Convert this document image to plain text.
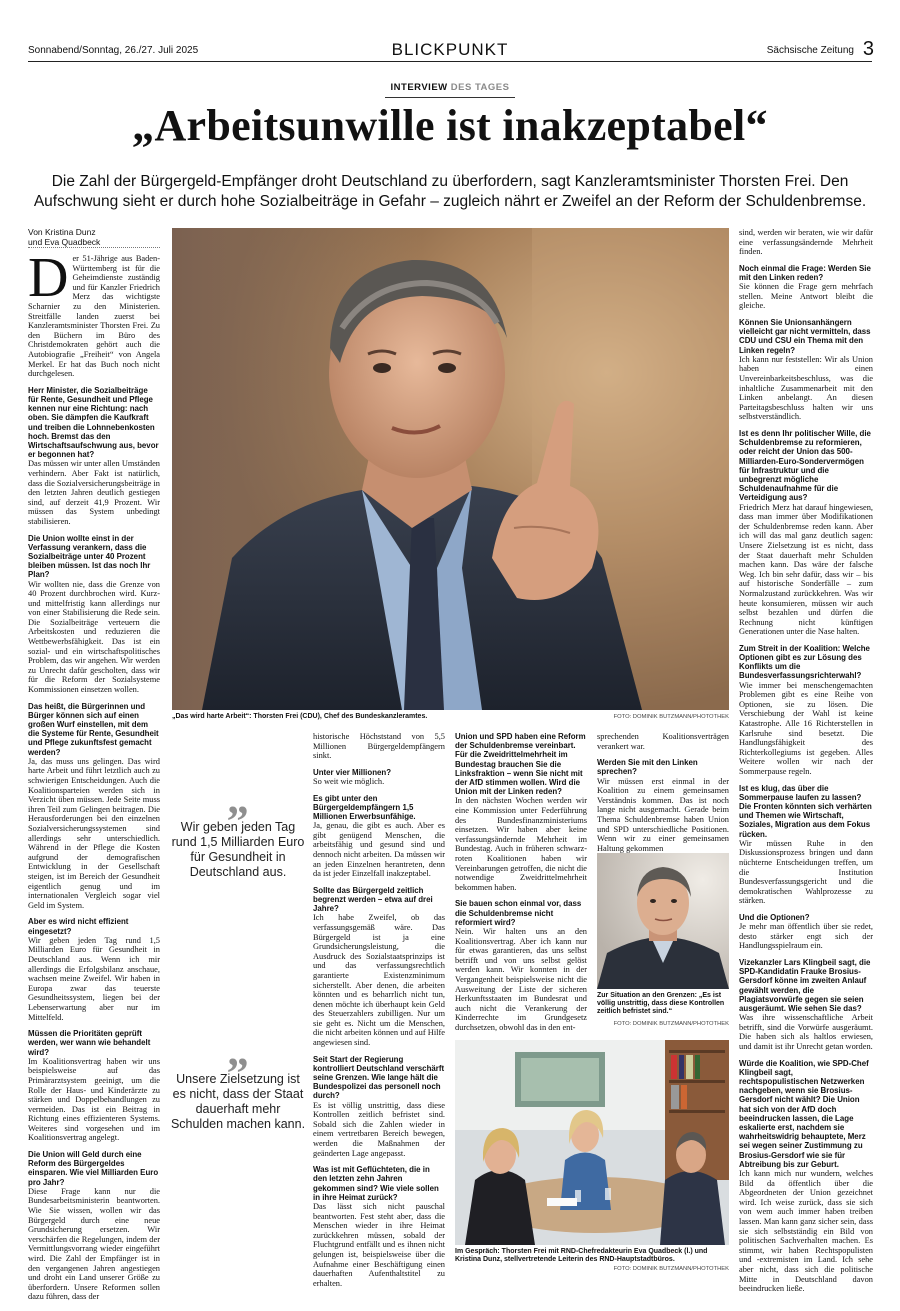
Sonnabend/Sonntag, 26./27. Juli 2025	BLICKPUNKT	Sächsische Zeitung 3
INTERVIEW DES TAGES
„Arbeitsunwille ist inakzeptabel“
Die Zahl der Bürgergeld-Empfänger droht Deutschland zu überfordern, sagt Kanzleramtsminister Thorsten Frei. Den Aufschwung sieht er durch hohe Sozialbeiträge in Gefahr – zugleich nährt er Zweifel an der Reform der Schuldenbremse.
Von Kristina Dunz
und Eva Quadbeck

Der 51-Jährige aus Baden-Württemberg ist für die Geheimdienste zuständig und für Kanzler Friedrich Merz das wichtigste Scharnier zu den Ministerien. Streitfälle landen zuerst bei Kanzleramtsminister Thorsten Frei. Zu den Büchern im Büro des Christdemokraten gehört auch die Autobiografie „Freiheit“ von Angela Merkel. Er hat das Buch noch nicht durchgelesen.

Herr Minister, die Sozialbeiträge für Rente, Gesundheit und Pflege kennen nur eine Richtung: nach oben. Sie dämpfen die Kaufkraft und treiben die Lohnnebenkosten hoch. Bremst das den Wirtschaftsaufschwung aus, bevor er begonnen hat?

Das müssen wir unter allen Umständen verhindern. Aber Fakt ist natürlich, dass die Sozialversicherungsbeiträge in den letzten Jahren deutlich gestiegen sind, auf derzeit 41,9 Prozent. Wir müssen das System unbedingt stabilisieren.

Die Union wollte einst in der Verfassung verankern, dass die Sozialbeiträge unter 40 Prozent bleiben müssen. Ist das noch Ihr Plan?

Wir wollten nie, dass die Grenze von 40 Prozent durchbrochen wird. Kurz- und mittelfristig kann allerdings nur von einer Stabilisierung die Rede sein. Die Sozialbeiträge verteuern die Arbeitskosten und reduzieren die Wettbewerbsfähigkeit. Das ist ein sozial- und ein wirtschaftspolitisches Problem, das wir angehen. Wir werden zu Unrecht dafür gescholten, dass wir für die Reform der Sozialsysteme Kommissionen einsetzen wollen.

Das heißt, die Bürgerinnen und Bürger können sich auf einen großen Wurf einstellen, mit dem die Systeme für Rente, Gesundheit und Pflege zukunftsfest gemacht werden?

Ja, das muss uns gelingen. Das wird harte Arbeit und führt letztlich auch zu schwierigen Entscheidungen. Auch die Koalitionsparteien werden sich in Verzicht üben müssen. Jede Seite muss ihren Teil zum Gelingen beitragen. Die Herausforderungen bei den einzelnen Sozialversicherungssystemen sind allerdings sehr unterschiedlich. Während in der Pflege die Kosten aufgrund der demografischen Entwicklung in der Gesellschaft steigen, ist im Bereich der Gesundheit eigentlich genug und im internationalen Vergleich sogar viel Geld im System.

Aber es wird nicht effizient eingesetzt?

Wir geben jeden Tag rund 1,5 Milliarden Euro für Gesundheit in Deutschland aus. Wenn ich mir allerdings die Erfolgsbilanz anschaue, wachsen meine Zweifel. Wir haben in Europa zwar das teuerste Gesundheitssystem, liegen bei der Lebenserwartung aber nur im Mittelfeld.

Müssen die Prioritäten geprüft werden, wer wann wie behandelt wird?

Im Koalitionsvertrag haben wir uns beispielsweise auf das Primärarztsystem geeinigt, um die Rolle der Haus- und Kinderärzte zu stärken und Doppelbehandlungen zu vermeiden. Das ist ein Beitrag in Richtung eines effizienteren Systems. Weiteres sind vorgesehen und im Koalitionsvertrag angelegt.

Die Union will Geld durch eine Reform des Bürgergeldes einsparen. Wie viel Milliarden Euro pro Jahr?

Diese Frage kann nur die Bundesarbeitsministerin beantworten. Wie Sie wissen, wollen wir das Bürgergeld durch eine neue Grundsicherung ersetzen. Wir verschärfen die Regelungen, indem der Vermittlungsvorrang wieder eingeführt wird. Die Zahl der Empfänger ist in den vergangenen Jahren angestiegen und droht ein Land unserer Größe zu überfordern. Unsere Reformen sollen dazu führen, dass der

„Das wird harte Arbeit“: Thorsten Frei (CDU), Chef des Bundeskanzleramtes.	FOTO: DOMINIK BUTZMANN/PHOTOTHEK
„
Wir geben jeden Tag rund 1,5 Milliarden Euro für Gesundheit in Deutschland aus.
„
Unsere Zielsetzung ist es nicht, dass der Staat dauerhaft mehr Schulden machen kann.

historische Höchststand von 5,5 Millionen Bürgergeldempfängern sinkt.

Unter vier Millionen?

So weit wie möglich.

Es gibt unter den Bürgergeldempfängern 1,5 Millionen Erwerbsunfähige.

Ja, genau, die gibt es auch. Aber es gibt genügend Menschen, die arbeitsfähig und gesund sind und dennoch nicht arbeiten. Da müssen wir an jeden Einzelnen herantreten, denn da ist jeder Einzelfall inakzeptabel.

Sollte das Bürgergeld zeitlich begrenzt werden – etwa auf drei Jahre?

Ich habe Zweifel, ob das verfassungsgemäß wäre. Das Bürgergeld ist ja eine Grundsicherungsleistung, die Ausdruck des Sozialstaatsprinzips ist und das verfassungsrechtlich garantierte Existenzminimum sicherstellt. Aber denen, die arbeiten könnten und es beharrlich nicht tun, denen möchte ich überhaupt kein Geld des Steuerzahlers zubilligen. Nur um sie geht es. Nicht um die Menschen, die nicht arbeiten können und auf Hilfe angewiesen sind.

Seit Start der Regierung kontrolliert Deutschland verschärft seine Grenzen. Wie lange hält die Bundespolizei das personell noch durch?

Es ist völlig unstrittig, dass diese Kontrollen zeitlich befristet sind. Sobald sich die Zahlen wieder in einem vertretbaren Bereich bewegen, werden die Maßnahmen der geänderten Lage angepasst.

Was ist mit Geflüchteten, die in den letzten zehn Jahren gekommen sind? Wie viele sollen in ihre Heimat zurück?

Das lässt sich nicht pauschal beantworten. Fest steht aber, dass die Menschen wieder in ihre Heimat zurückkehren müssen, sobald der Fluchtgrund entfällt und es ihnen nicht gelungen ist, beispielsweise über die Aufnahme einer Beschäftigung einen dauerhaften Aufenthaltstitel zu erhalten.

Union und SPD haben eine Reform der Schuldenbremse vereinbart. Für die Zweidrittelmehrheit im Bundestag brauchen Sie die Linksfraktion – wenn Sie nicht mit der AfD stimmen wollen. Wird die Union mit der Linken reden?

In den nächsten Wochen werden wir eine Kommission unter Federführung des Bundesfinanzministeriums einsetzen. Wir haben aber keine verfassungsändernde Mehrheit im Bundestag. Auch in früheren schwarz-roten Koalitionen haben wir Vereinbarungen getroffen, die nicht die notwendige Zweidrittelmehrheit bekommen haben.

Sie bauen schon einmal vor, dass die Schuldenbremse nicht reformiert wird?

Nein. Wir halten uns an den Koalitionsvertrag. Aber ich kann nur für etwas garantieren, das uns selbst betrifft und von uns selbst gelöst werden kann. Wir konnten in der Vergangenheit beispielsweise nicht die Ausweitung der Liste der sicheren Herkunftsstaaten im Bundesrat und auch nicht die Verankerung der Kinderrechte im Grundgesetz durchsetzen, obwohl das in den ent-

sprechenden Koalitionsverträgen verankert war.

Werden Sie mit den Linken sprechen?

Wir müssen erst einmal in der Koalition zu einem gemeinsamen Verständnis kommen. Das ist noch lange nicht ausgemacht. Gerade beim Thema Schuldenbremse haben Union und SPD unterschiedliche Positionen. Wenn wir zu einer gemeinsamen Haltung gekommen

Zur Situation an den Grenzen: „Es ist völlig unstrittig, dass diese Kontrollen zeitlich befristet sind.“
FOTO: DOMINIK BUTZMANN/PHOTOTHEK
Im Gespräch: Thorsten Frei mit RND-Chefredakteurin Eva Quadbeck (l.) und Kristina Dunz, stellvertretende Leiterin des RND-Hauptstadtbüros.
FOTO: DOMINIK BUTZMANN/PHOTOTHEK

sind, werden wir beraten, wie wir dafür eine verfassungsändernde Mehrheit finden.

Noch einmal die Frage: Werden Sie mit den Linken reden?

Sie können die Frage gern mehrfach stellen. Meine Antwort bleibt die gleiche.

Können Sie Unionsanhängern vielleicht gar nicht vermitteln, dass CDU und CSU ein Thema mit den Linken regeln?

Ich kann nur feststellen: Wir als Union haben einen Unvereinbarkeitsbeschluss, was die inhaltliche Zusammenarbeit mit den Linken anbelangt. An diesen Parteitagsbeschluss halten wir uns selbstverständlich.

Ist es denn Ihr politischer Wille, die Schuldenbremse zu reformieren, oder reicht der Union das 500-Milliarden-Euro-Sondervermögen für Infrastruktur und die unbegrenzt mögliche Schuldenaufnahme für die Verteidigung aus?

Friedrich Merz hat darauf hingewiesen, dass man immer über Modifikationen der Schuldenbremse reden kann. Aber ich will das mal ganz deutlich sagen: Unsere Zielsetzung ist es nicht, dass der Staat dauerhaft mehr Schulden machen kann. Das wäre der falsche Weg. Ich bin sehr dafür, dass wir – bis auf historische Sonderfälle – zum Normalzustand zurückkehren. Was wir heute konsumieren, müssen wir auch selbst bezahlen und dürfen die Rechnung nicht künftigen Generationen unter die Nase halten.

Zum Streit in der Koalition: Welche Optionen gibt es zur Lösung des Konflikts um die Bundesverfassungsrichterwahl?

Wie immer bei menschengemachten Problemen gibt es eine Reihe von Optionen, sie zu lösen. Die Verschiebung der Wahl ist keine Katastrophe. Alle 16 Richterstellen in Karlsruhe sind besetzt. Die Handlungsfähigkeit des Richterkollegiums ist gegeben. Alles Weitere wollen wir nach der Sommerpause regeln.

Ist es klug, das über die Sommerpause laufen zu lassen? Die Fronten könnten sich verhärten und Themen wie Wirtschaft, Soziales, Migration aus dem Fokus rücken.

Wir müssen Ruhe in den Diskussionsprozess bringen und dann nüchterne Entscheidungen treffen, um die Institution Bundesverfassungsgericht und die demokratischen Wahlprozesse zu stärken.

Und die Optionen?

Je mehr man öffentlich über sie redet, desto stärker engt sich der Handlungsspielraum ein.

Vizekanzler Lars Klingbeil sagt, die SPD-Kandidatin Frauke Brosius-Gersdorf könne im zweiten Anlauf gewählt werden, die Plagiatsvorwürfe gegen sie seien ausgeräumt. Wie sehen Sie das?

Was ihre wissenschaftliche Arbeit betrifft, sind die Vorwürfe ausgeräumt. Die haben sich als haltlos erwiesen, und damit ist ihr Unrecht getan worden.

Würde die Koalition, wie SPD-Chef Klingbeil sagt, rechtspopulistischen Netzwerken nachgeben, wenn sie Brosius-Gersdorf nicht wählt? Die Union hat sich von der AfD doch beeindrucken lassen, die Lage eskalierte erst, nachdem sie wahrheitswidrig behauptete, Merz sei wegen seiner Zustimmung zu Brosius-Gersdorf wie sie für Abtreibung bis zur Geburt.

Ich kann mich nur wundern, welches Bild da öffentlich über die Abgeordneten der Union gezeichnet wird. Ich weise zurück, dass sie sich von wem auch immer haben treiben lassen. Man kann ganz sicher sein, dass sie sich selbstständig ein Bild von politischen Sachverhalten machen. Es stimmt, wir haben Rechtspopulisten und -extremisten im Land. Ich sehe aber nicht, dass sich die politische Mitte in Deutschland davon beeindrucken ließe.
